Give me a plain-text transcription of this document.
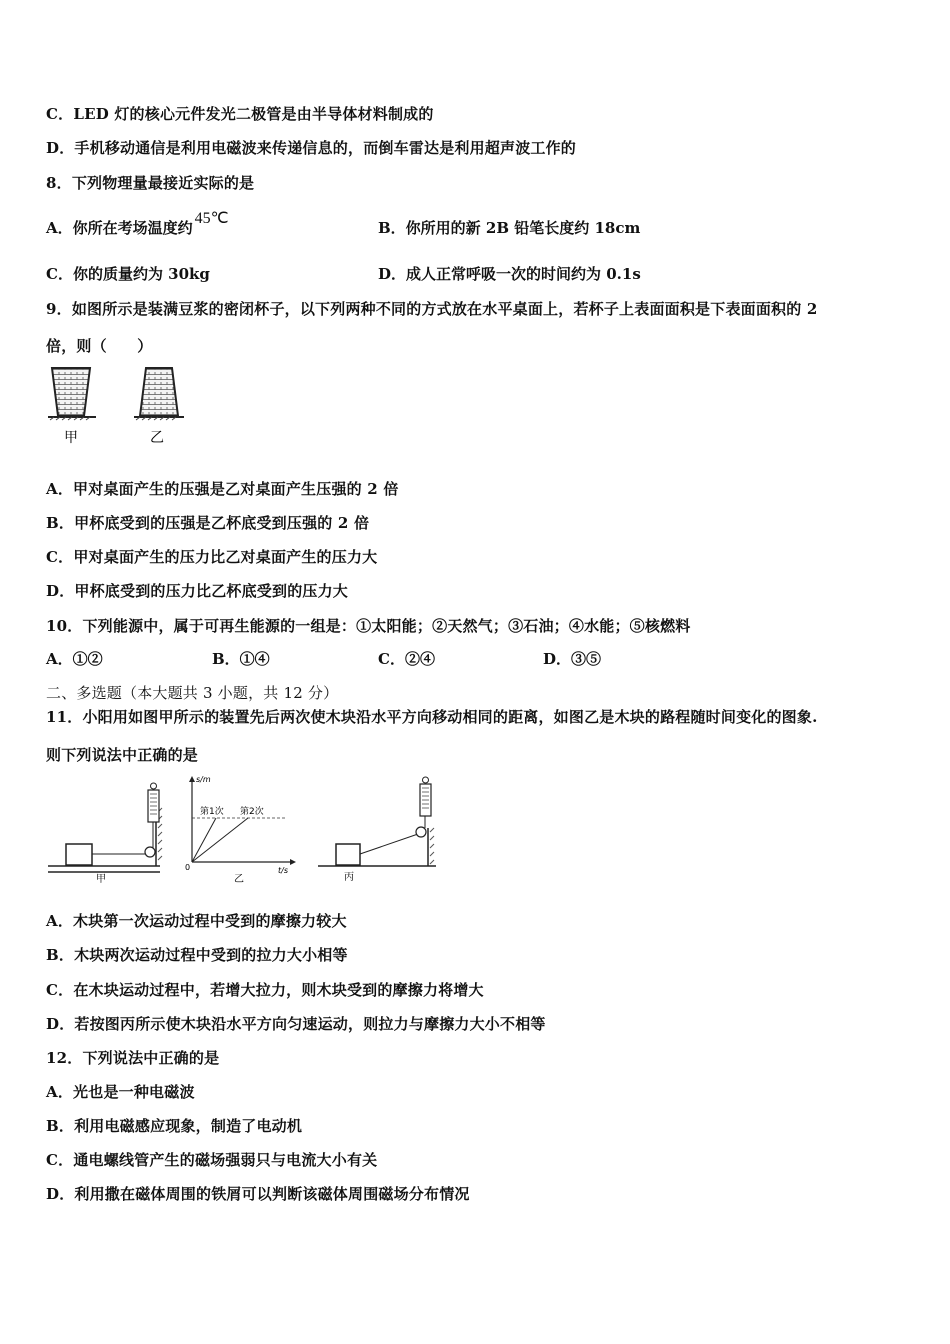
C．LED 灯的核心元件发光二极管是由半导体材料制成的
D．手机移动通信是利用电磁波来传递信息的，而倒车雷达是利用超声波工作的
8．下列物理量最接近实际的是
A．你所在考场温度约45℃
B．你所用的新 2B 铅笔长度约 18cm
C．你的质量约为 30kg	D．成人正常呼吸一次的时间约为 0.1s
9．如图所示是装满豆浆的密闭杯子，以下列两种不同的方式放在水平桌面上，若杯子上表面面积是下表面面积的 2
倍，则（　　）
甲	乙
A．甲对桌面产生的压强是乙对桌面产生压强的 2 倍
B．甲杯底受到的压强是乙杯底受到压强的 2 倍
C．甲对桌面产生的压力比乙对桌面产生的压力大
D．甲杯底受到的压力比乙杯底受到的压力大
10．下列能源中，属于可再生能源的一组是：①太阳能；②天然气；③石油；④水能；⑤核燃料
A．①②	B．①④	C．②④	D．③⑤
二、多选题（本大题共 3 小题，共 12 分）
11．小阳用如图甲所示的装置先后两次使木块沿水平方向移动相同的距离，如图乙是木块的路程随时间变化的图象.
则下列说法中正确的是
甲
s/m
t/s
0
第1次 第2次
乙	丙
A．木块第一次运动过程中受到的摩擦力较大
B．木块两次运动过程中受到的拉力大小相等
C．在木块运动过程中，若增大拉力，则木块受到的摩擦力将增大
D．若按图丙所示使木块沿水平方向匀速运动，则拉力与摩擦力大小不相等
12．下列说法中正确的是
A．光也是一种电磁波
B．利用电磁感应现象，制造了电动机
C．通电螺线管产生的磁场强弱只与电流大小有关
D．利用撒在磁体周围的铁屑可以判断该磁体周围磁场分布情况
